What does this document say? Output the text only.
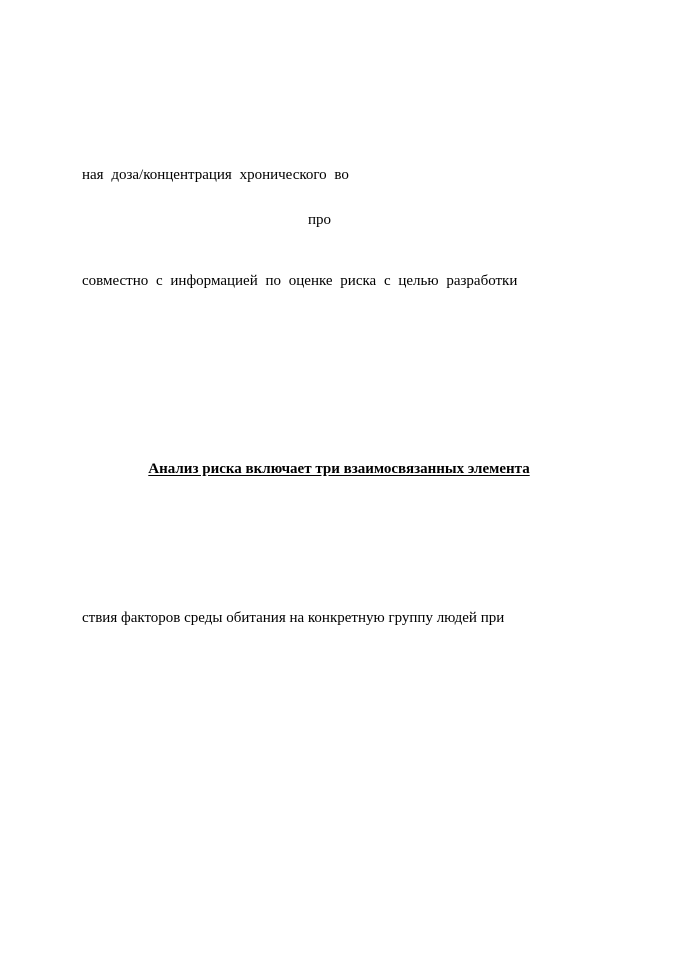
ная доза/концентрация хронического во
про
совместно с информацией по оценке риска с целью разработки
Анализ риска включает три взаимосвязанных элемента
ствия факторов среды обитания на конкретную группу людей при
